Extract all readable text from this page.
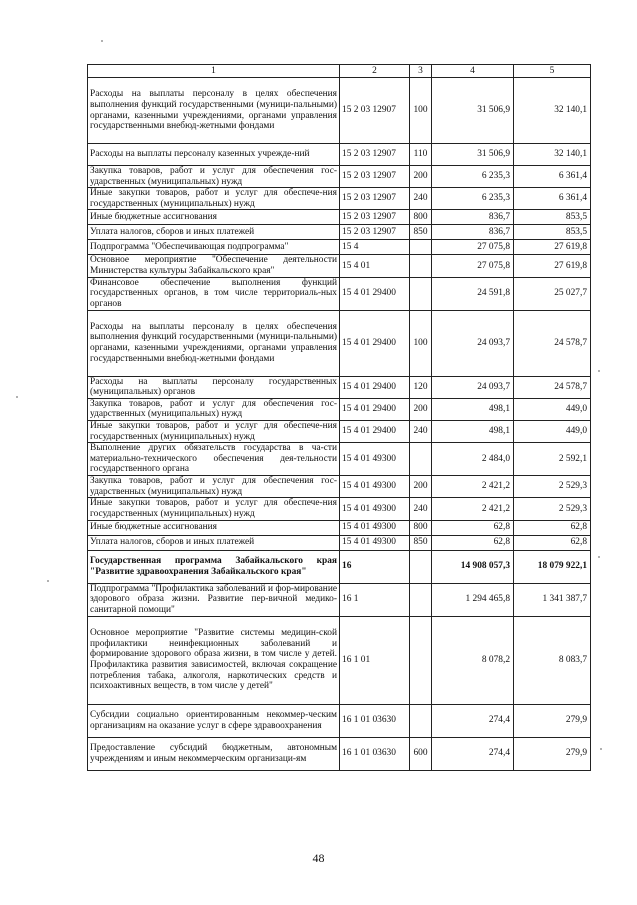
1	2	3	4	5
Расходы на выплаты персоналу в целях обеспечения выполнения функций государственными (муници-пальными) органами, казенными учреждениями, органами управления государственными внебюд-жетными фондами	15 2 03 12907	100	31 506,9	32 140,1
Расходы на выплаты персоналу казенных учрежде-ний	15 2 03 12907	110	31 506,9	32 140,1
Закупка товаров, работ и услуг для обеспечения гос-ударственных (муниципальных) нужд	15 2 03 12907	200	6 235,3	6 361,4
Иные закупки товаров, работ и услуг для обеспече-ния государственных (муниципальных) нужд	15 2 03 12907	240	6 235,3	6 361,4
Иные бюджетные ассигнования	15 2 03 12907	800	836,7	853,5
Уплата налогов, сборов и иных платежей	15 2 03 12907	850	836,7	853,5
Подпрограмма "Обеспечивающая подпрограмма"	15 4		27 075,8	27 619,8
Основное мероприятие "Обеспечение деятельности Министерства культуры Забайкальского края"	15 4 01		27 075,8	27 619,8
Финансовое обеспечение выполнения функций государственных органов, в том числе территориаль-ных органов	15 4 01 29400		24 591,8	25 027,7
Расходы на выплаты персоналу в целях обеспечения выполнения функций государственными (муници-пальными) органами, казенными учреждениями, органами управления государственными внебюд-жетными фондами	15 4 01 29400	100	24 093,7	24 578,7
Расходы на выплаты персоналу государственных (муниципальных) органов	15 4 01 29400	120	24 093,7	24 578,7
Закупка товаров, работ и услуг для обеспечения гос-ударственных (муниципальных) нужд	15 4 01 29400	200	498,1	449,0
Иные закупки товаров, работ и услуг для обеспече-ния государственных (муниципальных) нужд	15 4 01 29400	240	498,1	449,0
Выполнение других обязательств государства в ча-сти материально-технического обеспечения дея-тельности государственного органа	15 4 01 49300		2 484,0	2 592,1
Закупка товаров, работ и услуг для обеспечения гос-ударственных (муниципальных) нужд	15 4 01 49300	200	2 421,2	2 529,3
Иные закупки товаров, работ и услуг для обеспече-ния государственных (муниципальных) нужд	15 4 01 49300	240	2 421,2	2 529,3
Иные бюджетные ассигнования	15 4 01 49300	800	62,8	62,8
Уплата налогов, сборов и иных платежей	15 4 01 49300	850	62,8	62,8
Государственная программа Забайкальского края "Развитие здравоохранения Забайкальского края"	16		14 908 057,3	18 079 922,1
Подпрограмма "Профилактика заболеваний и фор-мирование здорового образа жизни. Развитие пер-вичной медико-санитарной помощи"	16 1		1 294 465,8	1 341 387,7
Основное мероприятие "Развитие системы медицин-ской профилактики неинфекционных заболеваний и формирование здорового образа жизни, в том числе у детей. Профилактика развития зависимостей, включая сокращение потребления табака, алкоголя, наркотических средств и психоактивных веществ, в том числе у детей"	16 1 01		8 078,2	8 083,7
Субсидии социально ориентированным некоммер-ческим организациям на оказание услуг в сфере здравоохранения	16 1 01 03630		274,4	279,9
Предоставление субсидий бюджетным, автономным учреждениям и иным некоммерческим организаци-ям	16 1 01 03630	600	274,4	279,9
48
